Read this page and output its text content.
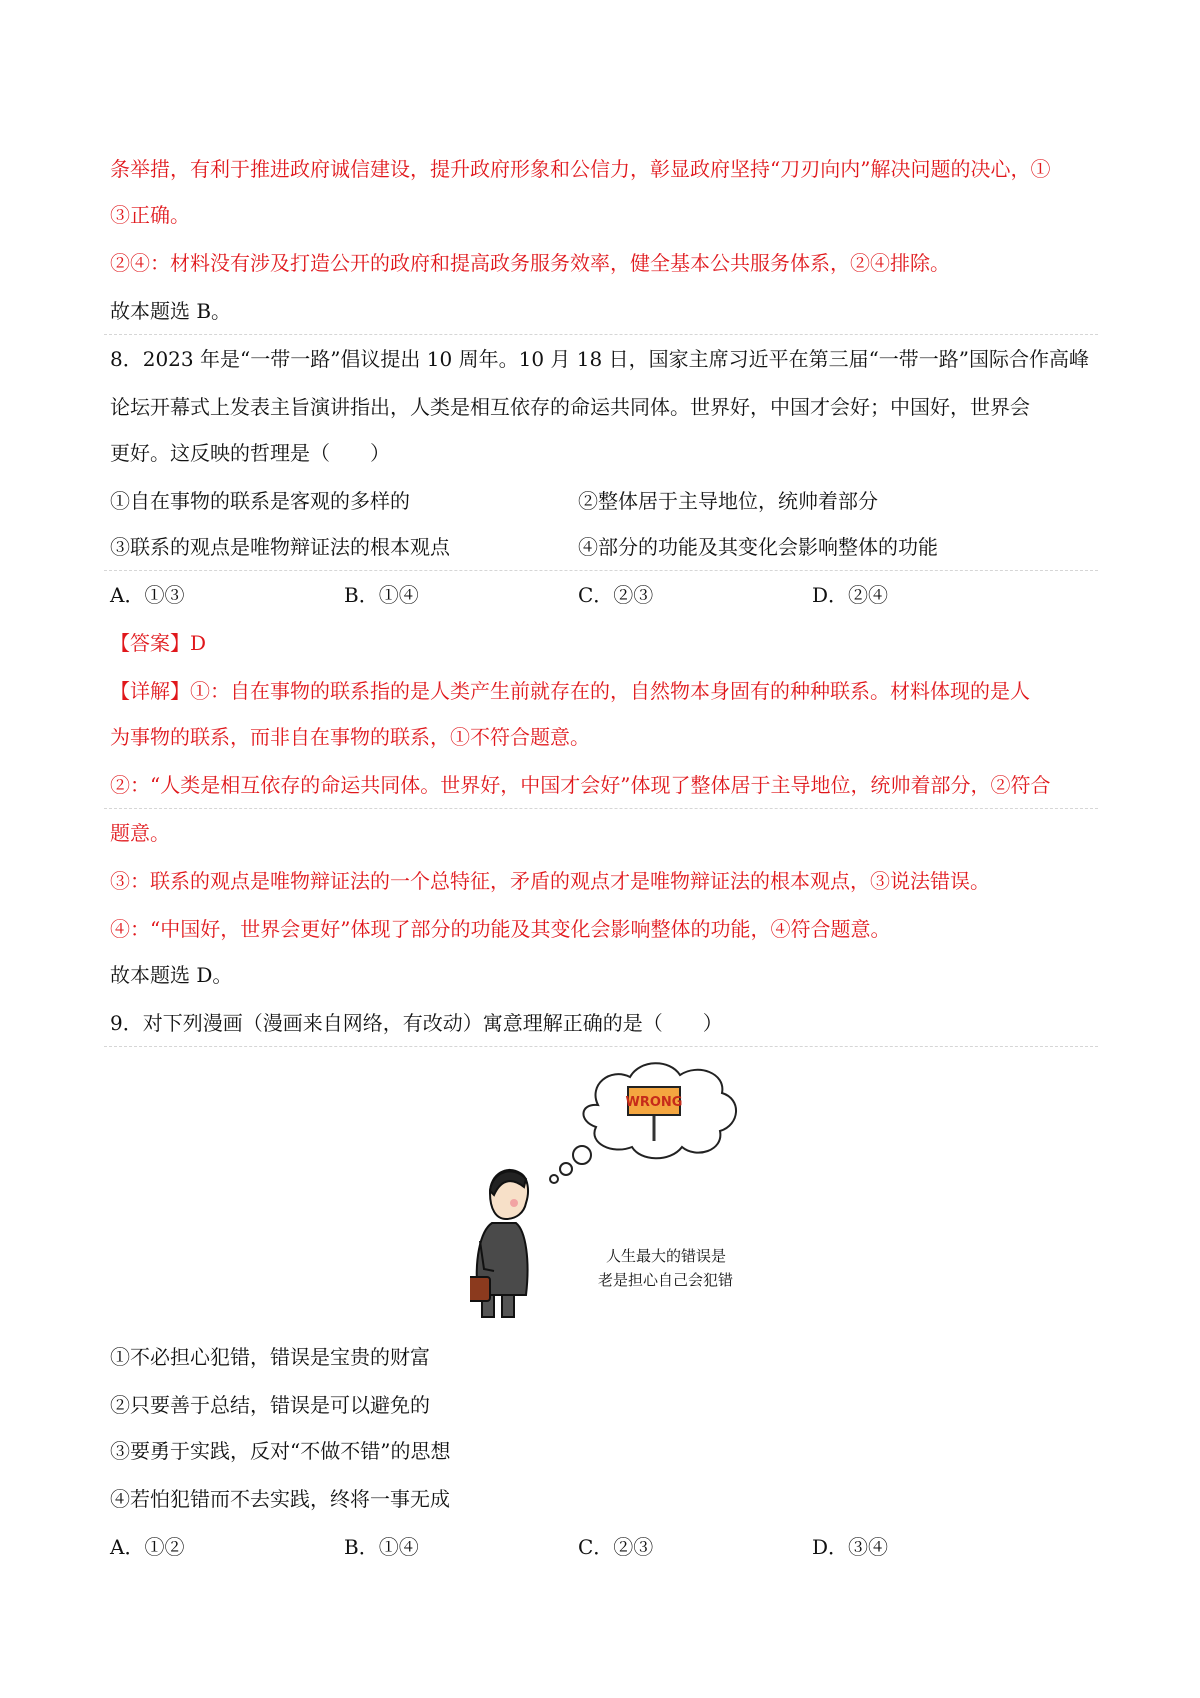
条举措，有利于推进政府诚信建设，提升政府形象和公信力，彰显政府坚持“刀刃向内”解决问题的决心，①
③正确。
②④：材料没有涉及打造公开的政府和提高政务服务效率，健全基本公共服务体系，②④排除。
故本题选 B。
8．2023 年是“一带一路”倡议提出 10 周年。10 月 18 日，国家主席习近平在第三届“一带一路”国际合作高峰
论坛开幕式上发表主旨演讲指出，人类是相互依存的命运共同体。世界好，中国才会好；中国好，世界会
更好。这反映的哲理是（　　）
①自在事物的联系是客观的多样的	②整体居于主导地位，统帅着部分
③联系的观点是唯物辩证法的根本观点	④部分的功能及其变化会影响整体的功能
A．①③	B．①④	C．②③	D．②④
【答案】D
【详解】①：自在事物的联系指的是人类产生前就存在的，自然物本身固有的种种联系。材料体现的是人
为事物的联系，而非自在事物的联系，①不符合题意。
②：“人类是相互依存的命运共同体。世界好，中国才会好”体现了整体居于主导地位，统帅着部分，②符合
题意。
③：联系的观点是唯物辩证法的一个总特征，矛盾的观点才是唯物辩证法的根本观点，③说法错误。
④：“中国好，世界会更好”体现了部分的功能及其变化会影响整体的功能，④符合题意。
故本题选 D。
9．对下列漫画（漫画来自网络，有改动）寓意理解正确的是（　　）
WRONG
人生最大的错误是
老是担心自己会犯错
①不必担心犯错，错误是宝贵的财富
②只要善于总结，错误是可以避免的
③要勇于实践，反对“不做不错”的思想
④若怕犯错而不去实践，终将一事无成
A．①②	B．①④	C．②③	D．③④
